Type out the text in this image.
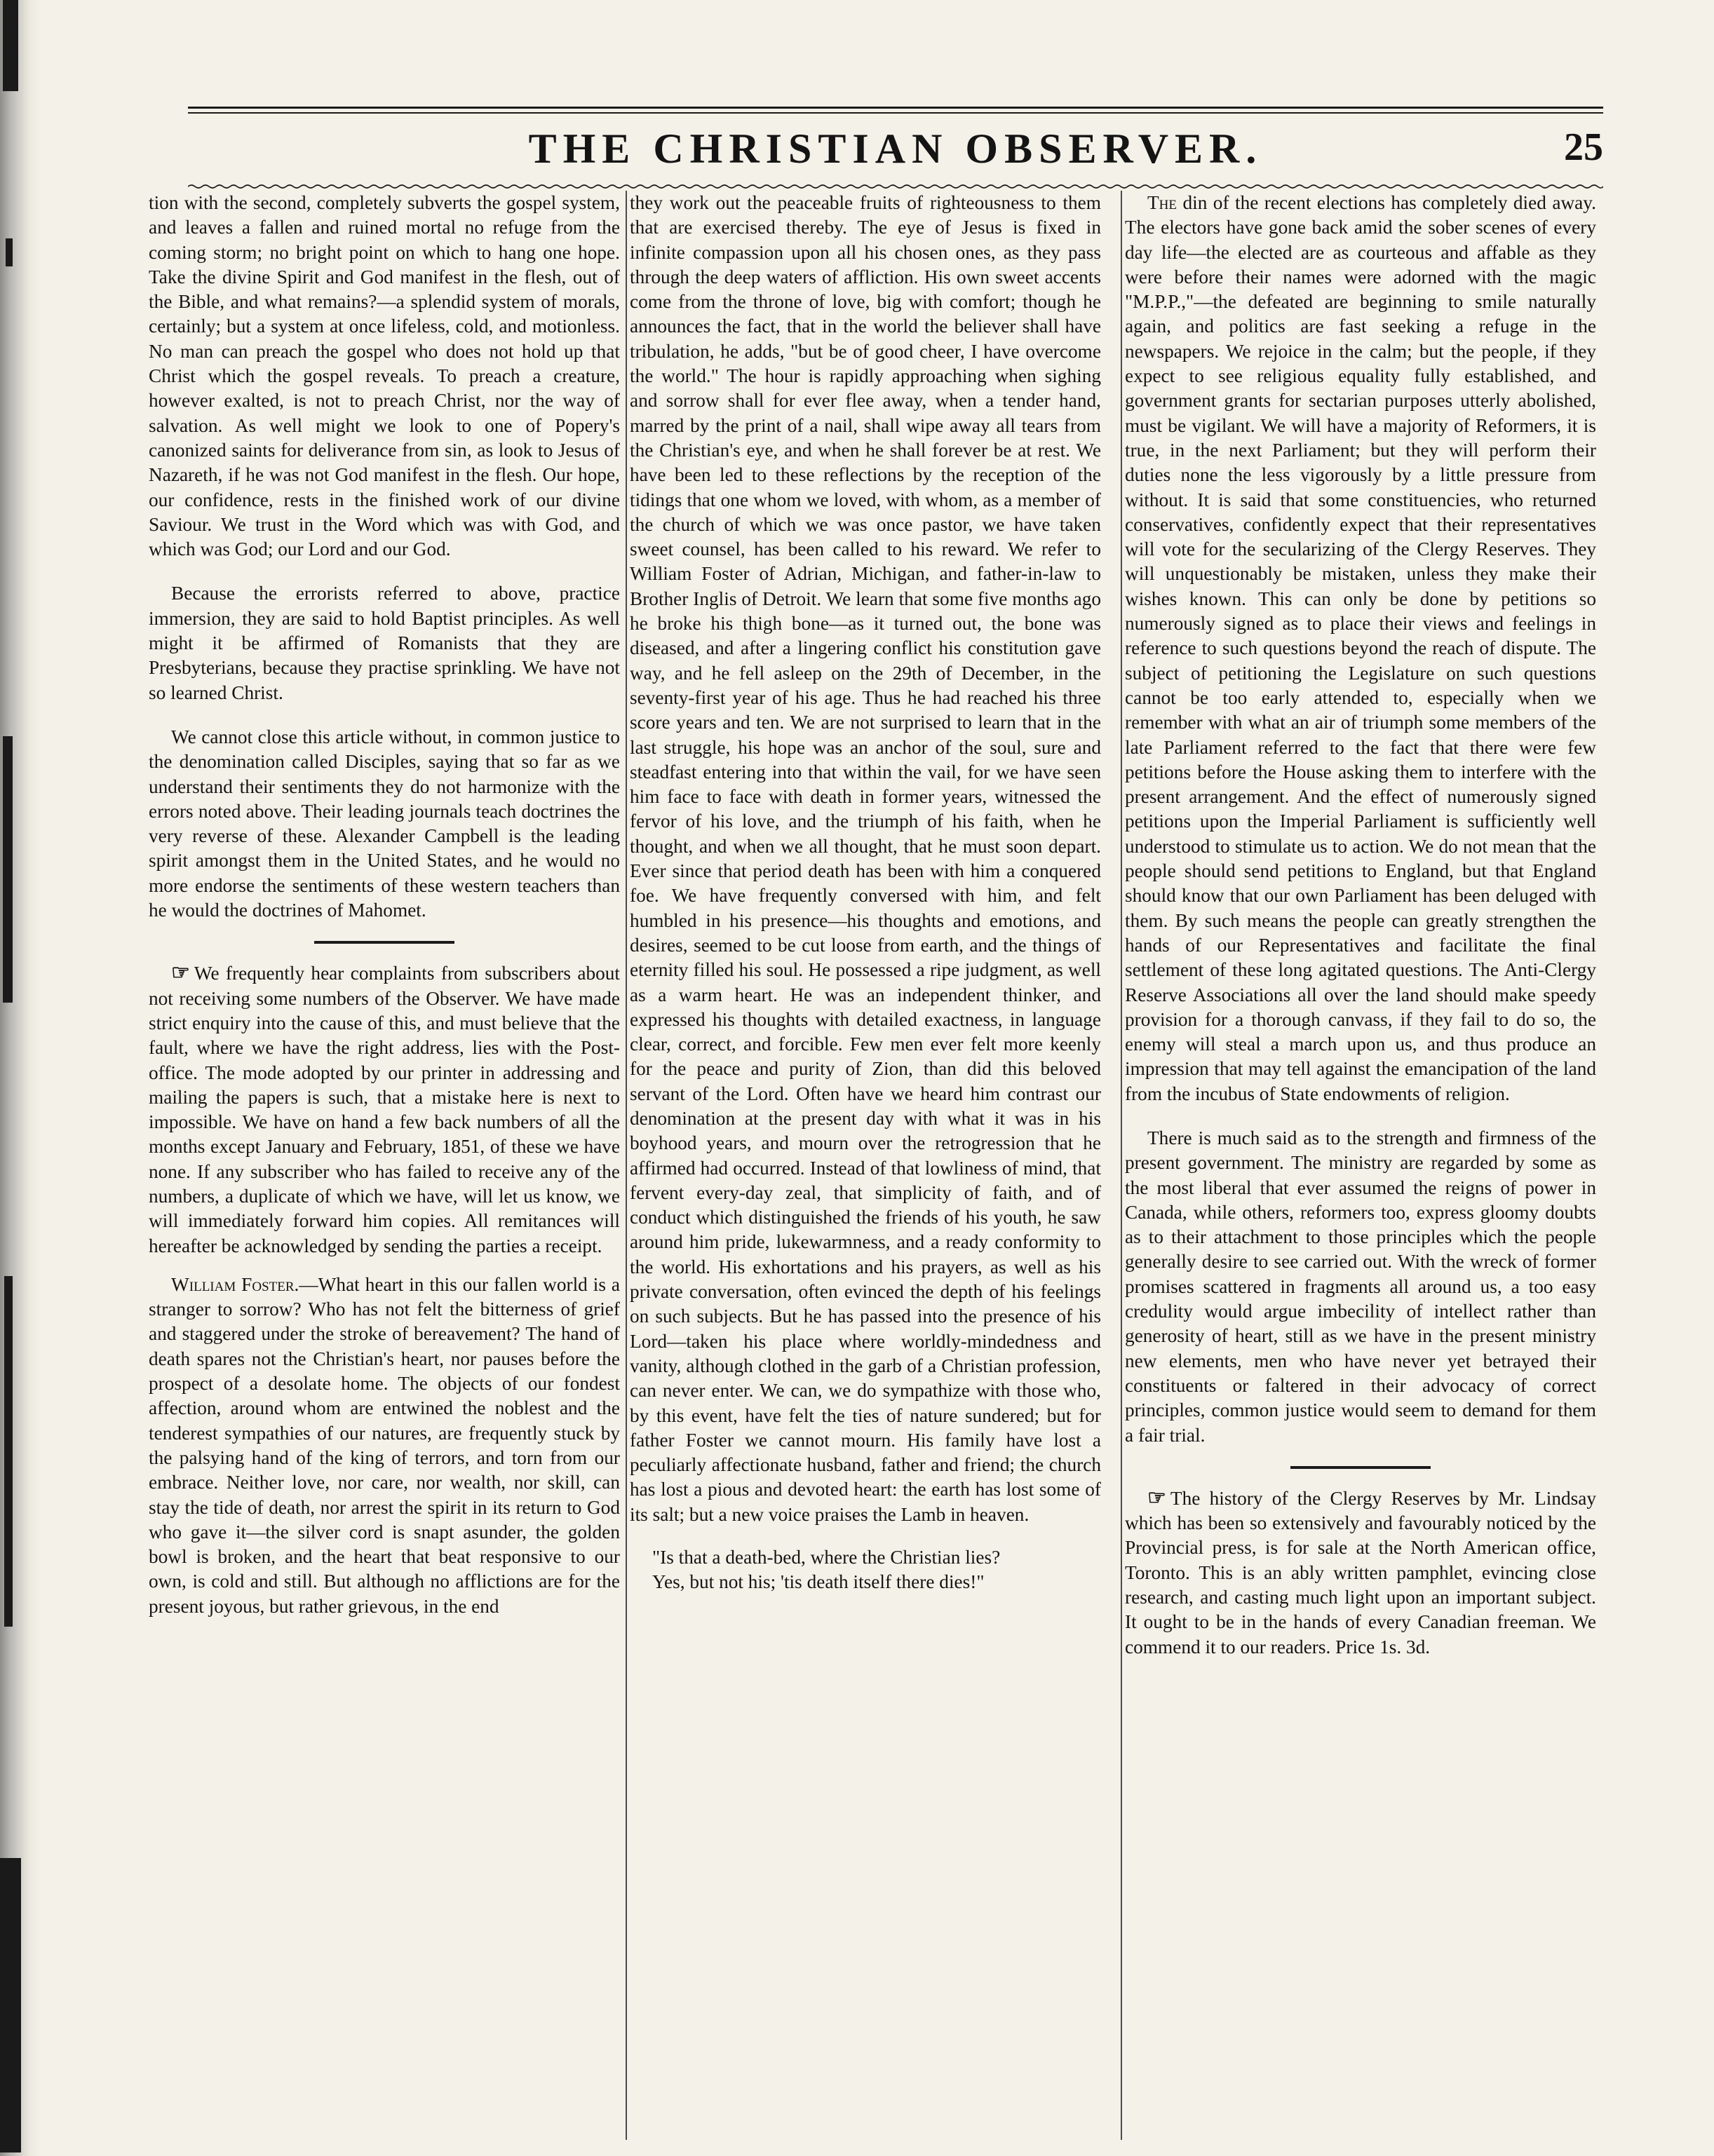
THE CHRISTIAN OBSERVER.	25

tion with the second, completely subverts the gospel system, and leaves a fallen and ruined mortal no refuge from the coming storm; no bright point on which to hang one hope. Take the divine Spirit and God manifest in the flesh, out of the Bible, and what remains?—a splendid system of morals, certainly; but a system at once lifeless, cold, and motionless. No man can preach the gospel who does not hold up that Christ which the gospel reveals. To preach a creature, however exalted, is not to preach Christ, nor the way of salvation. As well might we look to one of Popery's canonized saints for deliverance from sin, as look to Jesus of Nazareth, if he was not God manifest in the flesh. Our hope, our confidence, rests in the finished work of our divine Saviour. We trust in the Word which was with God, and which was God; our Lord and our God.

Because the errorists referred to above, practice immersion, they are said to hold Baptist principles. As well might it be affirmed of Romanists that they are Presbyterians, because they practise sprinkling. We have not so learned Christ.

We cannot close this article without, in common justice to the denomination called Disciples, saying that so far as we understand their sentiments they do not harmonize with the errors noted above. Their leading journals teach doctrines the very reverse of these. Alexander Campbell is the leading spirit amongst them in the United States, and he would no more endorse the sentiments of these western teachers than he would the doctrines of Mahomet.

☞ We frequently hear complaints from subscribers about not receiving some numbers of the Observer. We have made strict enquiry into the cause of this, and must believe that the fault, where we have the right address, lies with the Post-office. The mode adopted by our printer in addressing and mailing the papers is such, that a mistake here is next to impossible. We have on hand a few back numbers of all the months except January and February, 1851, of these we have none. If any subscriber who has failed to receive any of the numbers, a duplicate of which we have, will let us know, we will immediately forward him copies. All remitances will hereafter be acknowledged by sending the parties a receipt.

William Foster.—What heart in this our fallen world is a stranger to sorrow? Who has not felt the bitterness of grief and staggered under the stroke of bereavement? The hand of death spares not the Christian's heart, nor pauses before the prospect of a desolate home. The objects of our fondest affection, around whom are entwined the noblest and the tenderest sympathies of our natures, are frequently stuck by the palsying hand of the king of terrors, and torn from our embrace. Neither love, nor care, nor wealth, nor skill, can stay the tide of death, nor arrest the spirit in its return to God who gave it—the silver cord is snapt asunder, the golden bowl is broken, and the heart that beat responsive to our own, is cold and still. But although no afflictions are for the present joyous, but rather grievous, in the end

they work out the peaceable fruits of righteousness to them that are exercised thereby. The eye of Jesus is fixed in infinite compassion upon all his chosen ones, as they pass through the deep waters of affliction. His own sweet accents come from the throne of love, big with comfort; though he announces the fact, that in the world the believer shall have tribulation, he adds, "but be of good cheer, I have overcome the world." The hour is rapidly approaching when sighing and sorrow shall for ever flee away, when a tender hand, marred by the print of a nail, shall wipe away all tears from the Christian's eye, and when he shall forever be at rest. We have been led to these reflections by the reception of the tidings that one whom we loved, with whom, as a member of the church of which we was once pastor, we have taken sweet counsel, has been called to his reward. We refer to William Foster of Adrian, Michigan, and father-in-law to Brother Inglis of Detroit. We learn that some five months ago he broke his thigh bone—as it turned out, the bone was diseased, and after a lingering conflict his constitution gave way, and he fell asleep on the 29th of December, in the seventy-first year of his age. Thus he had reached his three score years and ten. We are not surprised to learn that in the last struggle, his hope was an anchor of the soul, sure and steadfast entering into that within the vail, for we have seen him face to face with death in former years, witnessed the fervor of his love, and the triumph of his faith, when he thought, and when we all thought, that he must soon depart. Ever since that period death has been with him a conquered foe. We have frequently conversed with him, and felt humbled in his presence—his thoughts and emotions, and desires, seemed to be cut loose from earth, and the things of eternity filled his soul. He possessed a ripe judgment, as well as a warm heart. He was an independent thinker, and expressed his thoughts with detailed exactness, in language clear, correct, and forcible. Few men ever felt more keenly for the peace and purity of Zion, than did this beloved servant of the Lord. Often have we heard him contrast our denomination at the present day with what it was in his boyhood years, and mourn over the retrogression that he affirmed had occurred. Instead of that lowliness of mind, that fervent every-day zeal, that simplicity of faith, and of conduct which distinguished the friends of his youth, he saw around him pride, lukewarmness, and a ready conformity to the world. His exhortations and his prayers, as well as his private conversation, often evinced the depth of his feelings on such subjects. But he has passed into the presence of his Lord—taken his place where worldly-mindedness and vanity, although clothed in the garb of a Christian profession, can never enter. We can, we do sympathize with those who, by this event, have felt the ties of nature sundered; but for father Foster we cannot mourn. His family have lost a peculiarly affectionate husband, father and friend; the church has lost a pious and devoted heart: the earth has lost some of its salt; but a new voice praises the Lamb in heaven.

"Is that a death-bed, where the Christian lies?
Yes, but not his; 'tis death itself there dies!"

The din of the recent elections has completely died away. The electors have gone back amid the sober scenes of every day life—the elected are as courteous and affable as they were before their names were adorned with the magic "M.P.P.,"—the defeated are beginning to smile naturally again, and politics are fast seeking a refuge in the newspapers. We rejoice in the calm; but the people, if they expect to see religious equality fully established, and government grants for sectarian purposes utterly abolished, must be vigilant. We will have a majority of Reformers, it is true, in the next Parliament; but they will perform their duties none the less vigorously by a little pressure from without. It is said that some constituencies, who returned conservatives, confidently expect that their representatives will vote for the secularizing of the Clergy Reserves. They will unquestionably be mistaken, unless they make their wishes known. This can only be done by petitions so numerously signed as to place their views and feelings in reference to such questions beyond the reach of dispute. The subject of petitioning the Legislature on such questions cannot be too early attended to, especially when we remember with what an air of triumph some members of the late Parliament referred to the fact that there were few petitions before the House asking them to interfere with the present arrangement. And the effect of numerously signed petitions upon the Imperial Parliament is sufficiently well understood to stimulate us to action. We do not mean that the people should send petitions to England, but that England should know that our own Parliament has been deluged with them. By such means the people can greatly strengthen the hands of our Representatives and facilitate the final settlement of these long agitated questions. The Anti-Clergy Reserve Associations all over the land should make speedy provision for a thorough canvass, if they fail to do so, the enemy will steal a march upon us, and thus produce an impression that may tell against the emancipation of the land from the incubus of State endowments of religion.

There is much said as to the strength and firmness of the present government. The ministry are regarded by some as the most liberal that ever assumed the reigns of power in Canada, while others, reformers too, express gloomy doubts as to their attachment to those principles which the people generally desire to see carried out. With the wreck of former promises scattered in fragments all around us, a too easy credulity would argue imbecility of intellect rather than generosity of heart, still as we have in the present ministry new elements, men who have never yet betrayed their constituents or faltered in their advocacy of correct principles, common justice would seem to demand for them a fair trial.

☞ The history of the Clergy Reserves by Mr. Lindsay which has been so extensively and favourably noticed by the Provincial press, is for sale at the North American office, Toronto. This is an ably written pamphlet, evincing close research, and casting much light upon an important subject. It ought to be in the hands of every Canadian freeman. We commend it to our readers. Price 1s. 3d.
